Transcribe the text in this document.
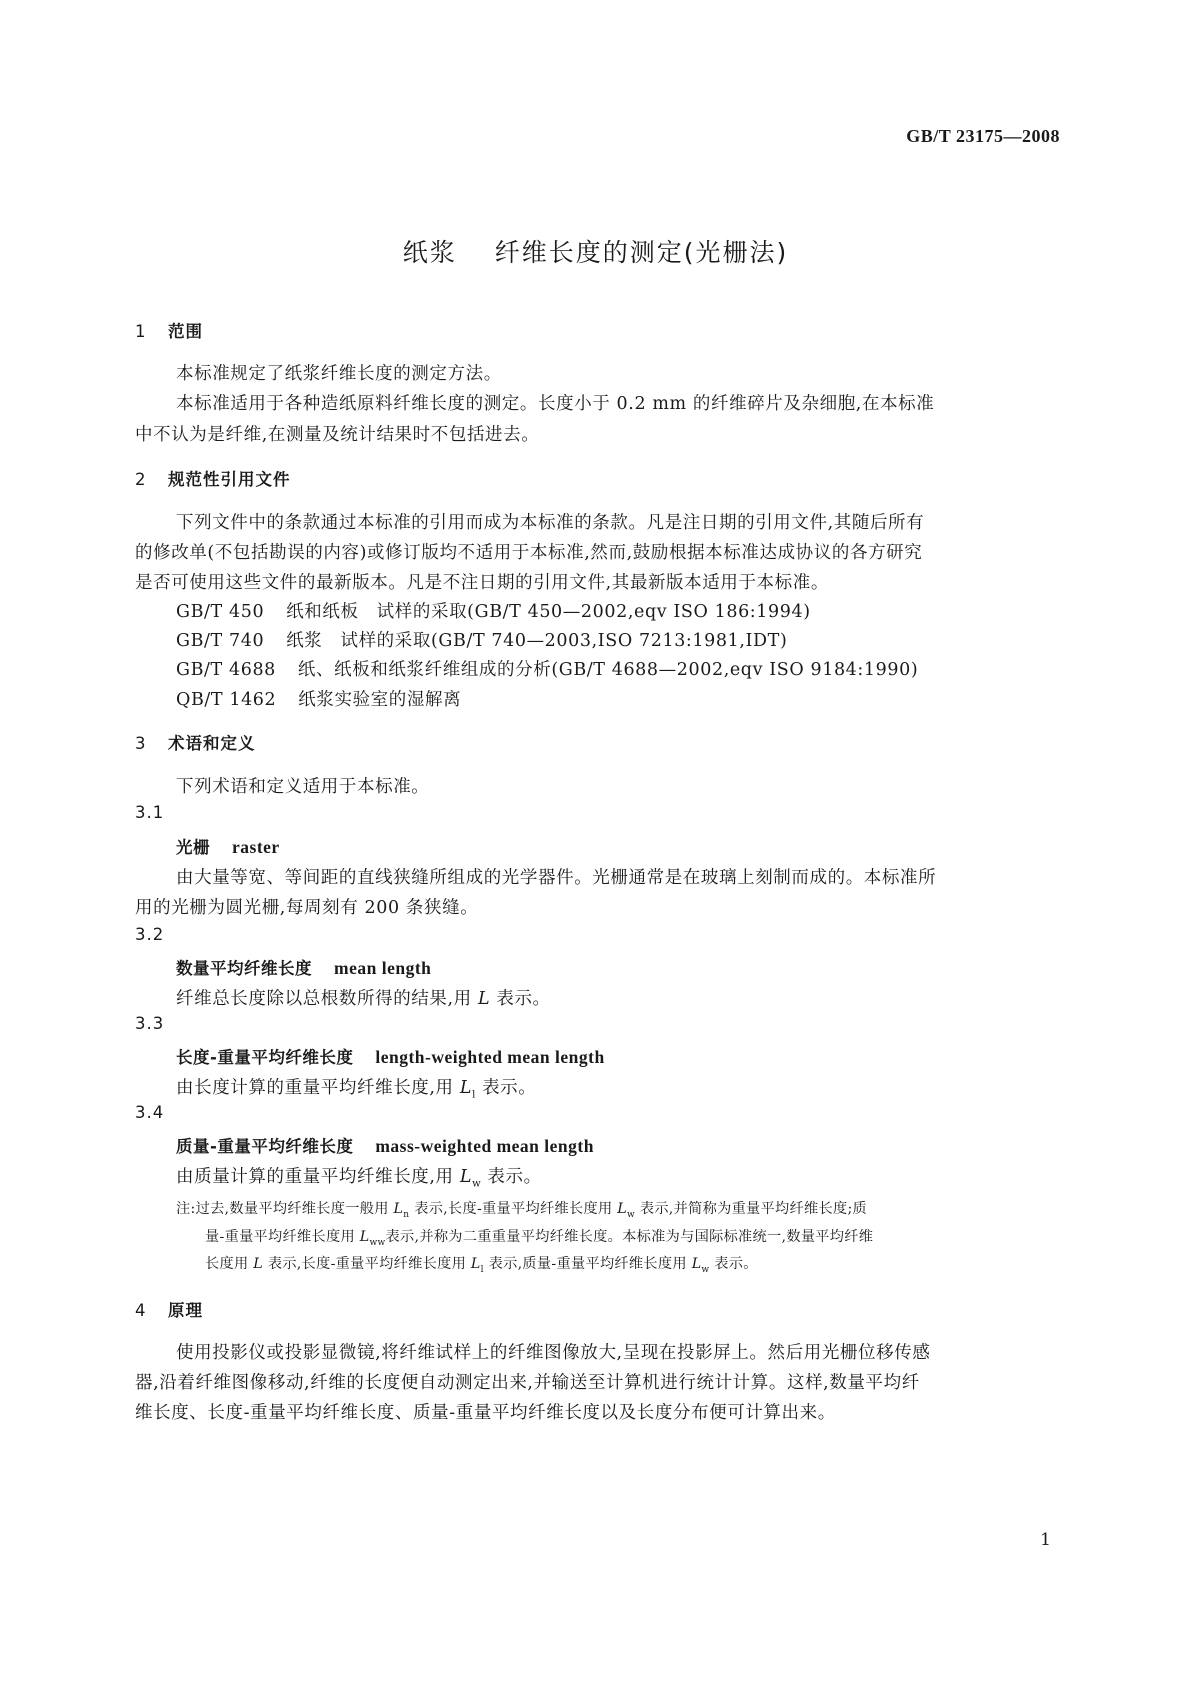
GB/T 23175—2008
纸浆 纤维长度的测定(光栅法)
1 范围
本标准规定了纸浆纤维长度的测定方法。
本标准适用于各种造纸原料纤维长度的测定。长度小于 0.2 mm 的纤维碎片及杂细胞,在本标准
中不认为是纤维,在测量及统计结果时不包括进去。
2 规范性引用文件
下列文件中的条款通过本标准的引用而成为本标准的条款。凡是注日期的引用文件,其随后所有
的修改单(不包括勘误的内容)或修订版均不适用于本标准,然而,鼓励根据本标准达成协议的各方研究
是否可使用这些文件的最新版本。凡是不注日期的引用文件,其最新版本适用于本标准。
GB/T 450 纸和纸板　试样的采取(GB/T 450—2002,eqv ISO 186:1994)
GB/T 740 纸浆　试样的采取(GB/T 740—2003,ISO 7213:1981,IDT)
GB/T 4688 纸、纸板和纸浆纤维组成的分析(GB/T 4688—2002,eqv ISO 9184:1990)
QB/T 1462 纸浆实验室的湿解离
3 术语和定义
下列术语和定义适用于本标准。
3.1
光栅 raster
由大量等宽、等间距的直线狭缝所组成的光学器件。光栅通常是在玻璃上刻制而成的。本标准所
用的光栅为圆光栅,每周刻有 200 条狭缝。
3.2
数量平均纤维长度 mean length
纤维总长度除以总根数所得的结果,用 L 表示。
3.3
长度-重量平均纤维长度 length-weighted mean length
由长度计算的重量平均纤维长度,用 $L_l$ 表示。
3.4
质量-重量平均纤维长度 mass-weighted mean length
由质量计算的重量平均纤维长度,用 $L_w$ 表示。
注:过去,数量平均纤维长度一般用 $L_n$ 表示,长度-重量平均纤维长度用 $L_w$ 表示,并简称为重量平均纤维长度;质
量-重量平均纤维长度用 $L_{ww}$表示,并称为二重重量平均纤维长度。本标准为与国际标准统一,数量平均纤维
长度用 L 表示,长度-重量平均纤维长度用 $L_l$ 表示,质量-重量平均纤维长度用 $L_w$ 表示。
4 原理
使用投影仪或投影显微镜,将纤维试样上的纤维图像放大,呈现在投影屏上。然后用光栅位移传感
器,沿着纤维图像移动,纤维的长度便自动测定出来,并输送至计算机进行统计计算。这样,数量平均纤
维长度、长度-重量平均纤维长度、质量-重量平均纤维长度以及长度分布便可计算出来。
1
